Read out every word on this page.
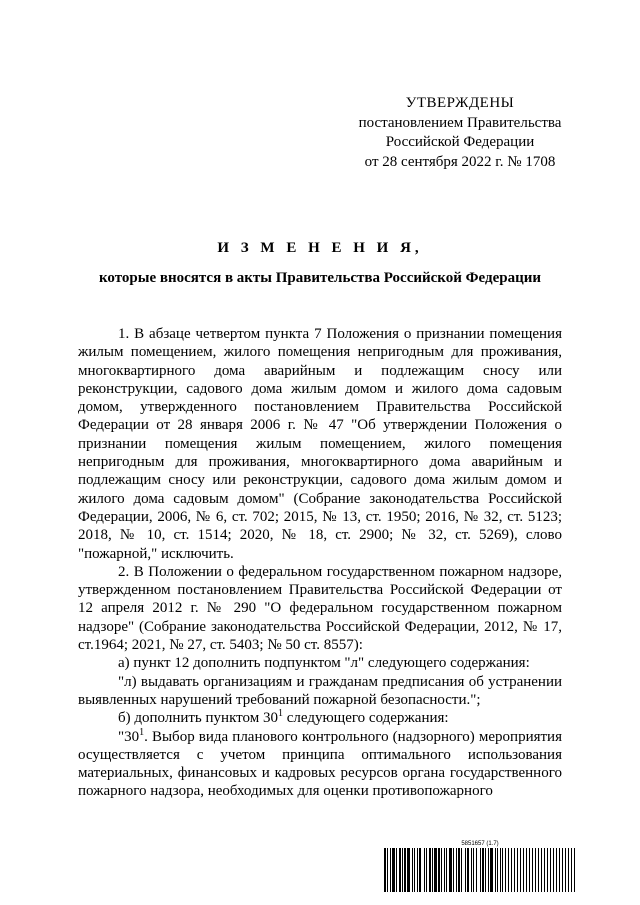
УТВЕРЖДЕНЫ
постановлением Правительства
Российской Федерации
от 28 сентября 2022 г. № 1708
И З М Е Н Е Н И Я,
которые вносятся в акты Правительства Российской Федерации

1. В абзаце четвертом пункта 7 Положения о признании помещения жилым помещением, жилого помещения непригодным для проживания, многоквартирного дома аварийным и подлежащим сносу или реконструкции, садового дома жилым домом и жилого дома садовым домом, утвержденного постановлением Правительства Российской Федерации от 28 января 2006 г. № 47 "Об утверждении Положения о признании помещения жилым помещением, жилого помещения непригодным для проживания, многоквартирного дома аварийным и подлежащим сносу или реконструкции, садового дома жилым домом и жилого дома садовым домом" (Собрание законодательства Российской Федерации, 2006, № 6, ст. 702; 2015, № 13, ст. 1950; 2016, № 32, ст. 5123; 2018, № 10, ст. 1514; 2020, № 18, ст. 2900; № 32, ст. 5269), слово "пожарной," исключить.

2. В Положении о федеральном государственном пожарном надзоре, утвержденном постановлением Правительства Российской Федерации от 12 апреля 2012 г. № 290 "О федеральном государственном пожарном надзоре" (Собрание законодательства Российской Федерации, 2012, № 17, ст.1964; 2021, № 27, ст. 5403; № 50 ст. 8557):

а) пункт 12 дополнить подпунктом "л" следующего содержания:

"л) выдавать организациям и гражданам предписания об устранении выявленных нарушений требований пожарной безопасности.";

б) дополнить пунктом $30^1$ следующего содержания:

"$30^1$. Выбор вида планового контрольного (надзорного) мероприятия осуществляется с учетом принципа оптимального использования материальных, финансовых и кадровых ресурсов органа государственного пожарного надзора, необходимых для оценки противопожарного

5851657 (1.7)
